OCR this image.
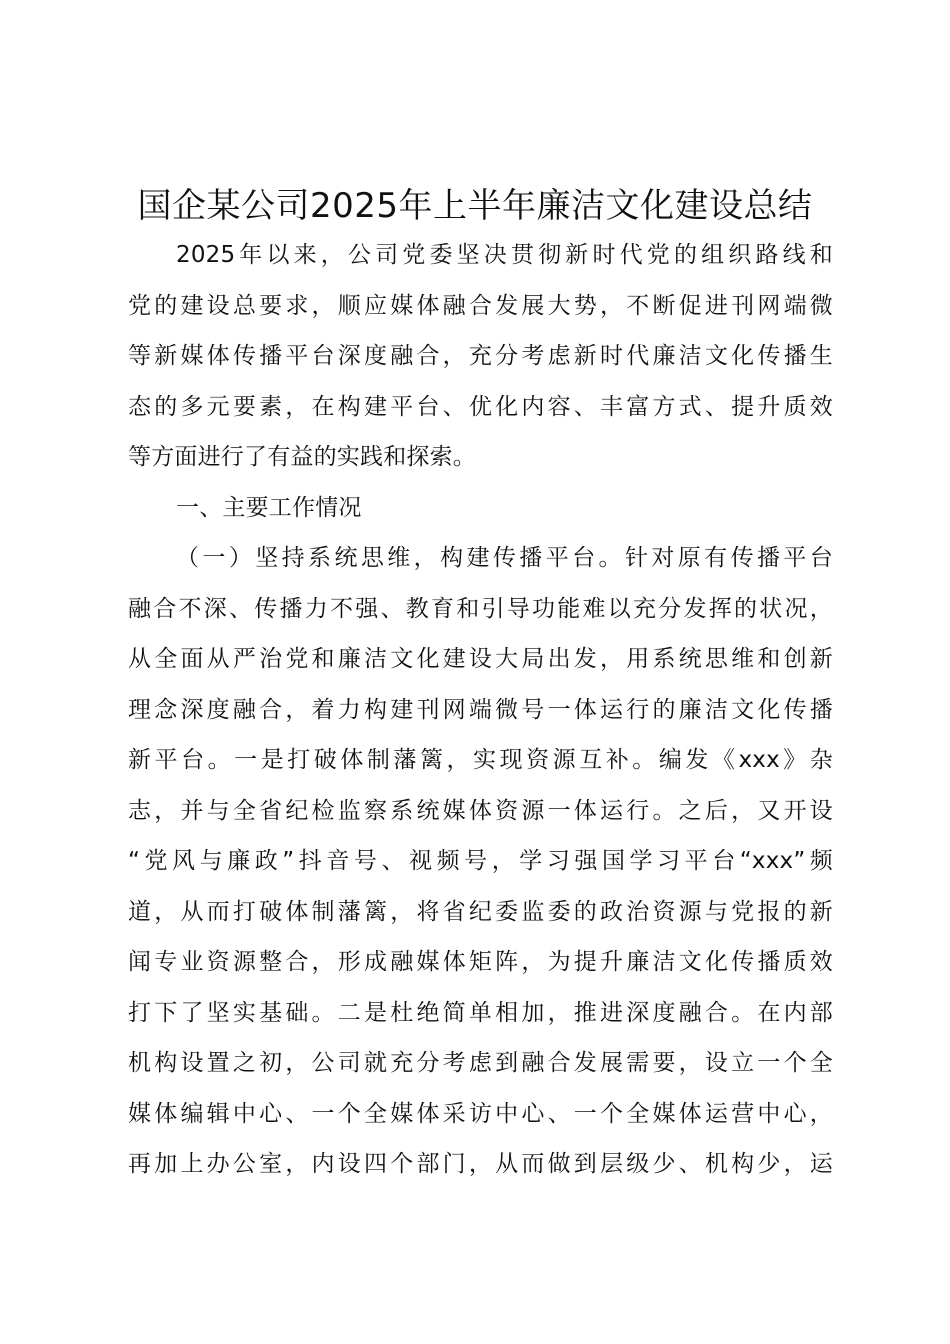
国企某公司2025年上半年廉洁文化建设总结
2025年以来，公司党委坚决贯彻新时代党的组织路线和
党的建设总要求，顺应媒体融合发展大势，不断促进刊网端微
等新媒体传播平台深度融合，充分考虑新时代廉洁文化传播生
态的多元要素，在构建平台、优化内容、丰富方式、提升质效
等方面进行了有益的实践和探索。
一、主要工作情况
（一）坚持系统思维，构建传播平台。针对原有传播平台
融合不深、传播力不强、教育和引导功能难以充分发挥的状况，
从全面从严治党和廉洁文化建设大局出发，用系统思维和创新
理念深度融合，着力构建刊网端微号一体运行的廉洁文化传播
新平台。一是打破体制藩篱，实现资源互补。编发《xxx》杂
志，并与全省纪检监察系统媒体资源一体运行。之后，又开设
“党风与廉政”抖音号、视频号，学习强国学习平台“xxx”频
道，从而打破体制藩篱，将省纪委监委的政治资源与党报的新
闻专业资源整合，形成融媒体矩阵，为提升廉洁文化传播质效
打下了坚实基础。二是杜绝简单相加，推进深度融合。在内部
机构设置之初，公司就充分考虑到融合发展需要，设立一个全
媒体编辑中心、一个全媒体采访中心、一个全媒体运营中心，
再加上办公室，内设四个部门，从而做到层级少、机构少，运
